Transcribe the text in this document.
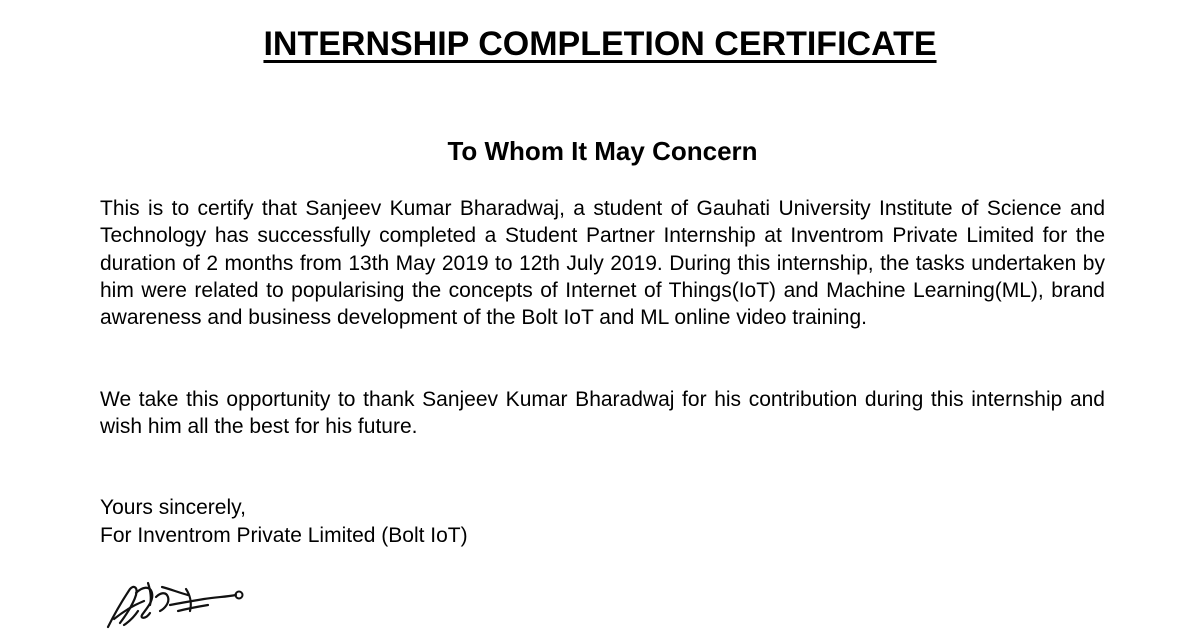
INTERNSHIP COMPLETION CERTIFICATE
To Whom It May Concern

This is to certify that Sanjeev Kumar Bharadwaj, a student of Gauhati University Institute of Science and Technology has successfully completed a Student Partner Internship at Inventrom Private Limited for the duration of 2 months from 13th May 2019 to 12th July 2019. During this internship, the tasks undertaken by him were related to popularising the concepts of Internet of Things(IoT) and Machine Learning(ML), brand awareness and business development of the Bolt IoT and ML online video training.

We take this opportunity to thank Sanjeev Kumar Bharadwaj for his contribution during this internship and wish him all the best for his future.

Yours sincerely,
For Inventrom Private Limited (Bolt IoT)
